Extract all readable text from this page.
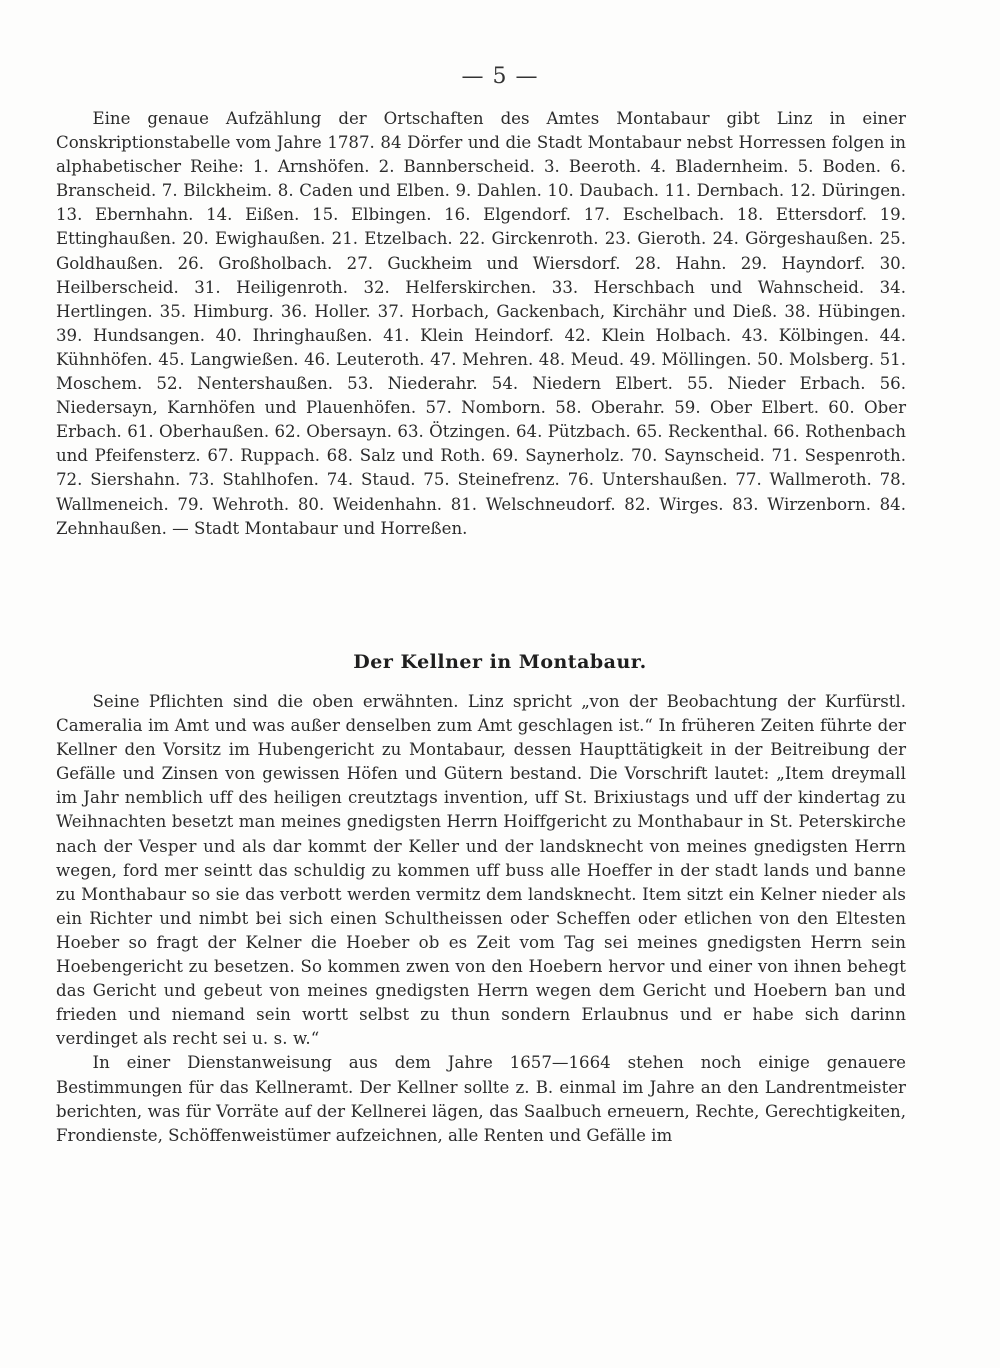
— 5 —

Eine genaue Aufzählung der Ortschaften des Amtes Montabaur gibt Linz in einer Conskriptionstabelle vom Jahre 1787. 84 Dörfer und die Stadt Montabaur nebst Horressen folgen in alphabetischer Reihe: 1. Arnshöfen. 2. Bannberscheid. 3. Beeroth. 4. Bladernheim. 5. Boden. 6. Branscheid. 7. Bilckheim. 8. Caden und Elben. 9. Dahlen. 10. Daubach. 11. Dernbach. 12. Düringen. 13. Ebernhahn. 14. Eißen. 15. Elbingen. 16. Elgendorf. 17. Eschelbach. 18. Ettersdorf. 19. Ettinghaußen. 20. Ewighaußen. 21. Etzelbach. 22. Girckenroth. 23. Gieroth. 24. Görgeshaußen. 25. Goldhaußen. 26. Großholbach. 27. Guckheim und Wiersdorf. 28. Hahn. 29. Hayndorf. 30. Heilberscheid. 31. Heiligenroth. 32. Helferskirchen. 33. Herschbach und Wahnscheid. 34. Hertlingen. 35. Himburg. 36. Holler. 37. Horbach, Gackenbach, Kirchähr und Dieß. 38. Hübingen. 39. Hundsangen. 40. Ihringhaußen. 41. Klein Heindorf. 42. Klein Holbach. 43. Kölbingen. 44. Kühnhöfen. 45. Langwießen. 46. Leuteroth. 47. Mehren. 48. Meud. 49. Möllingen. 50. Molsberg. 51. Moschem. 52. Nentershaußen. 53. Niederahr. 54. Niedern Elbert. 55. Nieder Erbach. 56. Niedersayn, Karnhöfen und Plauenhöfen. 57. Nomborn. 58. Oberahr. 59. Ober Elbert. 60. Ober Erbach. 61. Oberhaußen. 62. Obersayn. 63. Ötzingen. 64. Pützbach. 65. Reckenthal. 66. Rothenbach und Pfeifensterz. 67. Ruppach. 68. Salz und Roth. 69. Saynerholz. 70. Saynscheid. 71. Sespenroth. 72. Siershahn. 73. Stahlhofen. 74. Staud. 75. Steinefrenz. 76. Untershaußen. 77. Wallmeroth. 78. Wallmeneich. 79. Wehroth. 80. Weidenhahn. 81. Welschneudorf. 82. Wirges. 83. Wirzenborn. 84. Zehnhaußen. — Stadt Montabaur und Horreßen.

Der Kellner in Montabaur.

Seine Pflichten sind die oben erwähnten. Linz spricht „von der Beobachtung der Kurfürstl. Cameralia im Amt und was außer denselben zum Amt geschlagen ist.“ In früheren Zeiten führte der Kellner den Vorsitz im Hubengericht zu Montabaur, dessen Haupttätigkeit in der Beitreibung der Gefälle und Zinsen von gewissen Höfen und Gütern bestand. Die Vorschrift lautet: „Item dreymall im Jahr nemblich uff des heiligen creutztags invention, uff St. Brixiustags und uff der kindertag zu Weihnachten besetzt man meines gnedigsten Herrn Hoiffgericht zu Monthabaur in St. Peterskirche nach der Vesper und als dar kommt der Keller und der landsknecht von meines gnedigsten Herrn wegen, ford mer seintt das schuldig zu kommen uff buss alle Hoeffer in der stadt lands und banne zu Monthabaur so sie das verbott werden vermitz dem landsknecht. Item sitzt ein Kelner nieder als ein Richter und nimbt bei sich einen Schultheissen oder Scheffen oder etlichen von den Eltesten Hoeber so fragt der Kelner die Hoeber ob es Zeit vom Tag sei meines gnedigsten Herrn sein Hoebengericht zu besetzen. So kommen zwen von den Hoebern hervor und einer von ihnen behegt das Gericht und gebeut von meines gnedigsten Herrn wegen dem Gericht und Hoebern ban und frieden und niemand sein wortt selbst zu thun sondern Erlaubnus und er habe sich darinn verdinget als recht sei u. s. w.“

In einer Dienstanweisung aus dem Jahre 1657—1664 stehen noch einige genauere Bestimmungen für das Kellneramt. Der Kellner sollte z. B. einmal im Jahre an den Landrentmeister berichten, was für Vorräte auf der Kellnerei lägen, das Saalbuch erneuern, Rechte, Gerechtigkeiten, Frondienste, Schöffenweistümer aufzeichnen, alle Renten und Gefälle im
